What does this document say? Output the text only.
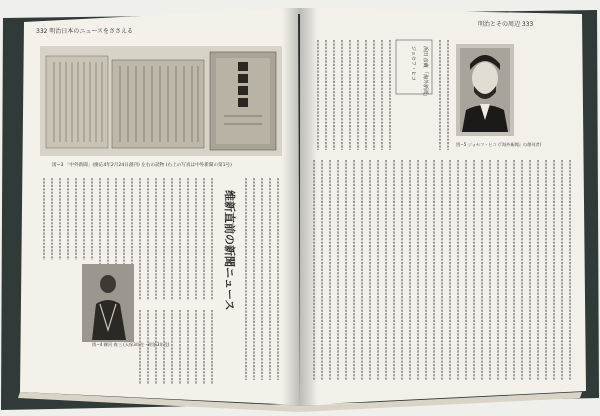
332 明治日本のニュースをささえる
図−3 「中外新聞」(慶応4年2月24日創刊) 左右の読物 (右上の写真は中外新聞の第1号)
维新直前の新聞ニュース
図−4 柳河 春三 (天保3年生・明治3年没)
明治とその周辺 333
図−5 ジョセフ・ヒコ (『海外新聞』の創刊者)
浜田 彦蔵 「海外新聞」
ジョセフ・ヒコ
